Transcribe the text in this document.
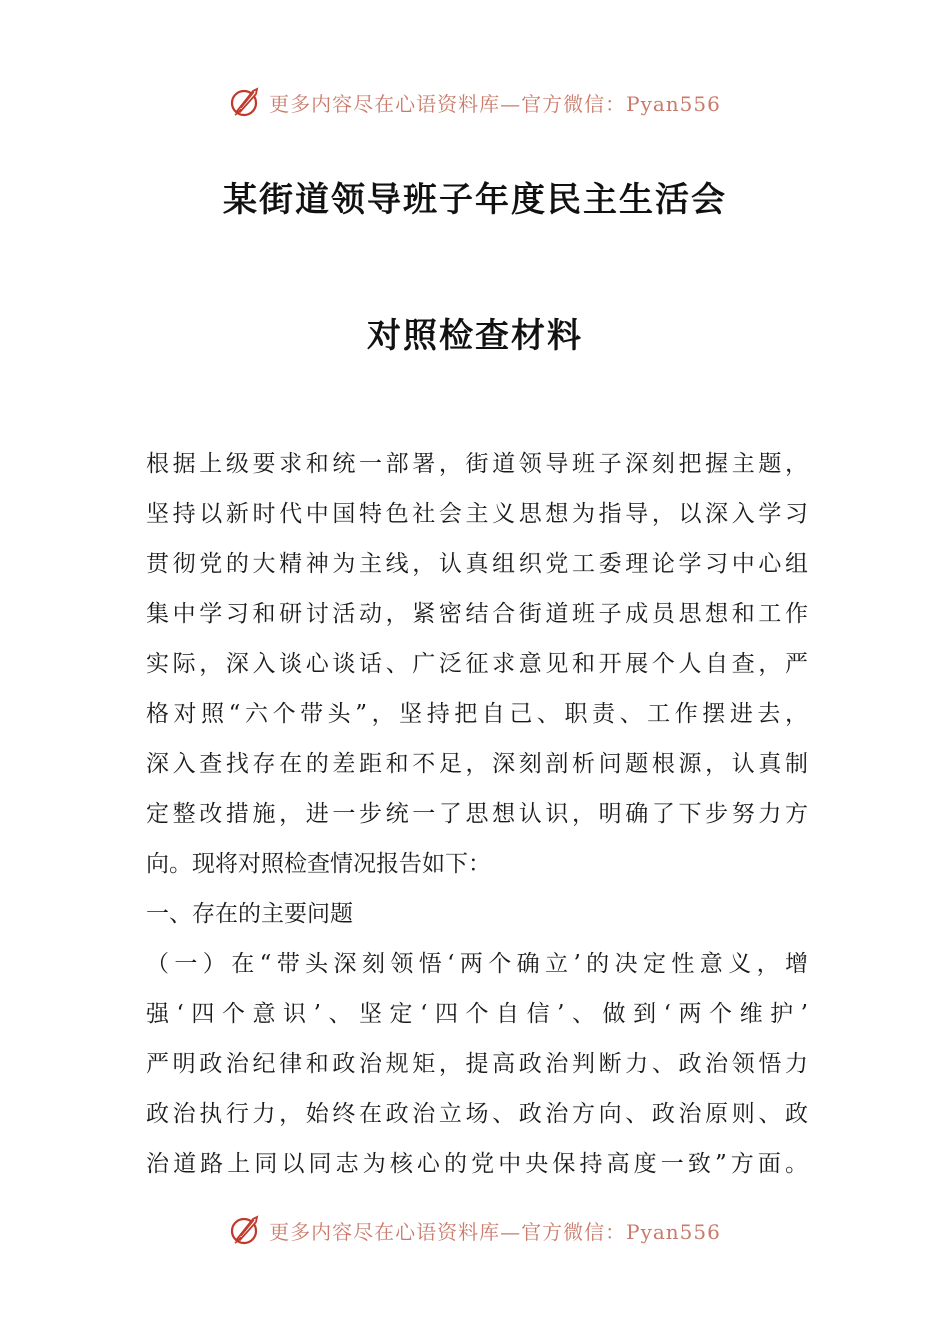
更多内容尽在心语资料库—官方微信：Pyan556
某街道领导班子年度民主生活会
对照检查材料
根据上级要求和统一部署，街道领导班子深刻把握主题，
坚持以新时代中国特色社会主义思想为指导，以深入学习
贯彻党的大精神为主线，认真组织党工委理论学习中心组
集中学习和研讨活动，紧密结合街道班子成员思想和工作
实际，深入谈心谈话、广泛征求意见和开展个人自查，严
格对照“六个带头”，坚持把自己、职责、工作摆进去，
深入查找存在的差距和不足，深刻剖析问题根源，认真制
定整改措施，进一步统一了思想认识，明确了下步努力方
向。现将对照检查情况报告如下：
一、存在的主要问题
（一）在“带头深刻领悟‘两个确立’的决定性意义，增
强‘四个意识’、坚定‘四个自信’、做到‘两个维护’
严明政治纪律和政治规矩，提高政治判断力、政治领悟力
政治执行力，始终在政治立场、政治方向、政治原则、政
治道路上同以同志为核心的党中央保持高度一致”方面。
更多内容尽在心语资料库—官方微信：Pyan556
